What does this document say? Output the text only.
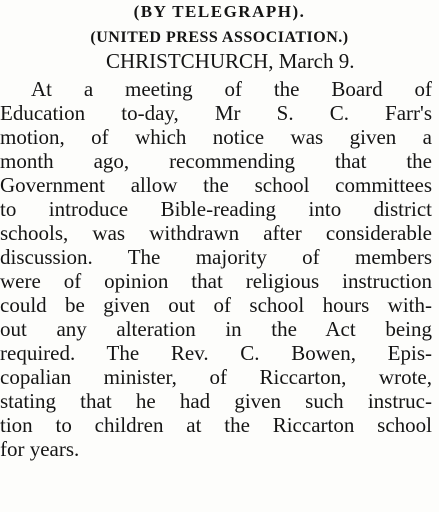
(BY TELEGRAPH).
(UNITED PRESS ASSOCIATION.)
CHRISTCHURCH, March 9.
At a meeting of the Board of
Education to-day, Mr S. C. Farr's
motion, of which notice was given a
month ago, recommending that the
Government allow the school committees
to introduce Bible-reading into district
schools, was withdrawn after considerable
discussion. The majority of members
were of opinion that religious instruction
could be given out of school hours with-
out any alteration in the Act being
required. The Rev. C. Bowen, Epis-
copalian minister, of Riccarton, wrote,
stating that he had given such instruc-
tion to children at the Riccarton school
for years.
